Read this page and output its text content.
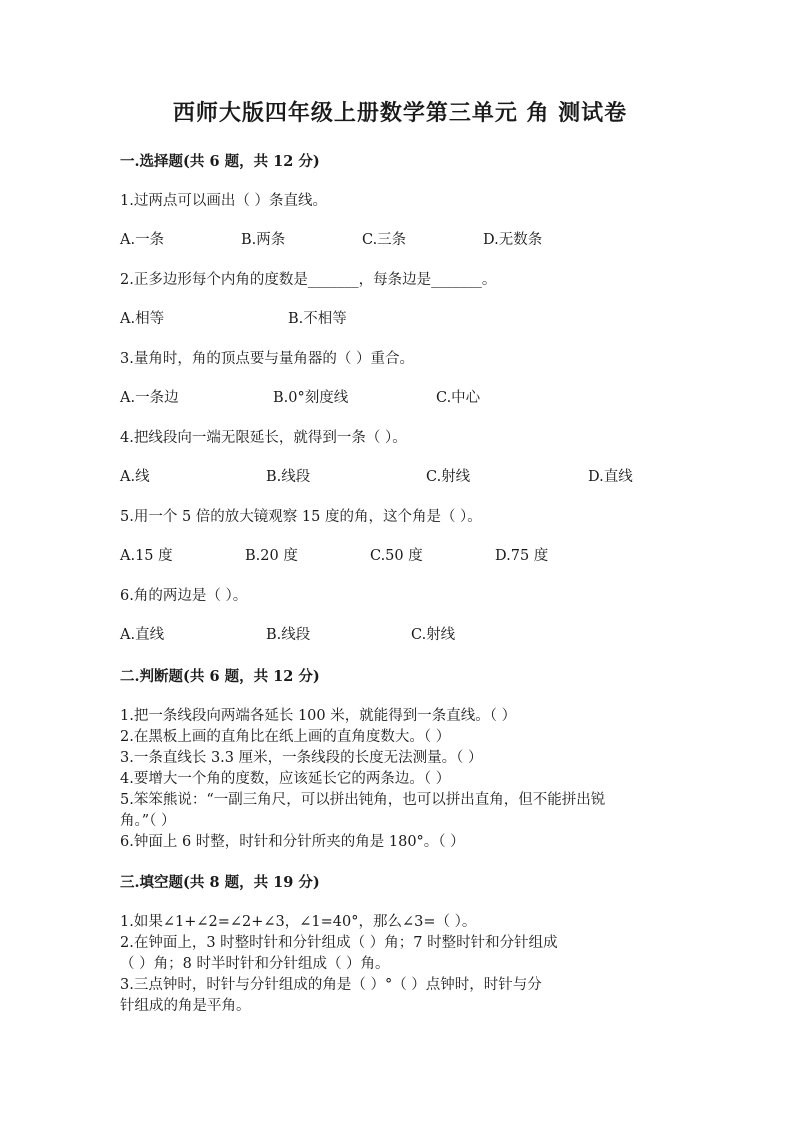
西师大版四年级上册数学第三单元 角 测试卷
一.选择题(共 6 题，共 12 分)
1.过两点可以画出（ ）条直线。
A.一条	B.两条	C.三条	D.无数条
2.正多边形每个内角的度数是_______，每条边是_______。
A.相等	B.不相等
3.量角时，角的顶点要与量角器的（ ）重合。
A.一条边	B.0°刻度线	C.中心
4.把线段向一端无限延长，就得到一条（ ）。
A.线	B.线段	C.射线	D.直线
5.用一个 5 倍的放大镜观察 15 度的角，这个角是（ ）。
A.15 度	B.20 度	C.50 度	D.75 度
6.角的两边是（ ）。
A.直线	B.线段	C.射线
二.判断题(共 6 题，共 12 分)
1.把一条线段向两端各延长 100 米，就能得到一条直线。（ ）
2.在黑板上画的直角比在纸上画的直角度数大。（ ）
3.一条直线长 3.3 厘米，一条线段的长度无法测量。（ ）
4.要增大一个角的度数，应该延长它的两条边。（ ）
5.笨笨熊说：“一副三角尺，可以拼出钝角，也可以拼出直角，但不能拼出锐
角。”（ ）
6.钟面上 6 时整，时针和分针所夹的角是 180°。（ ）
三.填空题(共 8 题，共 19 分)
1.如果∠1+∠2=∠2+∠3，∠1=40°，那么∠3=（ ）。
2.在钟面上，3 时整时针和分针组成（ ）角；7 时整时针和分针组成
（ ）角；8 时半时针和分针组成（ ）角。
3.三点钟时，时针与分针组成的角是（ ）°（ ）点钟时，时针与分
针组成的角是平角。
